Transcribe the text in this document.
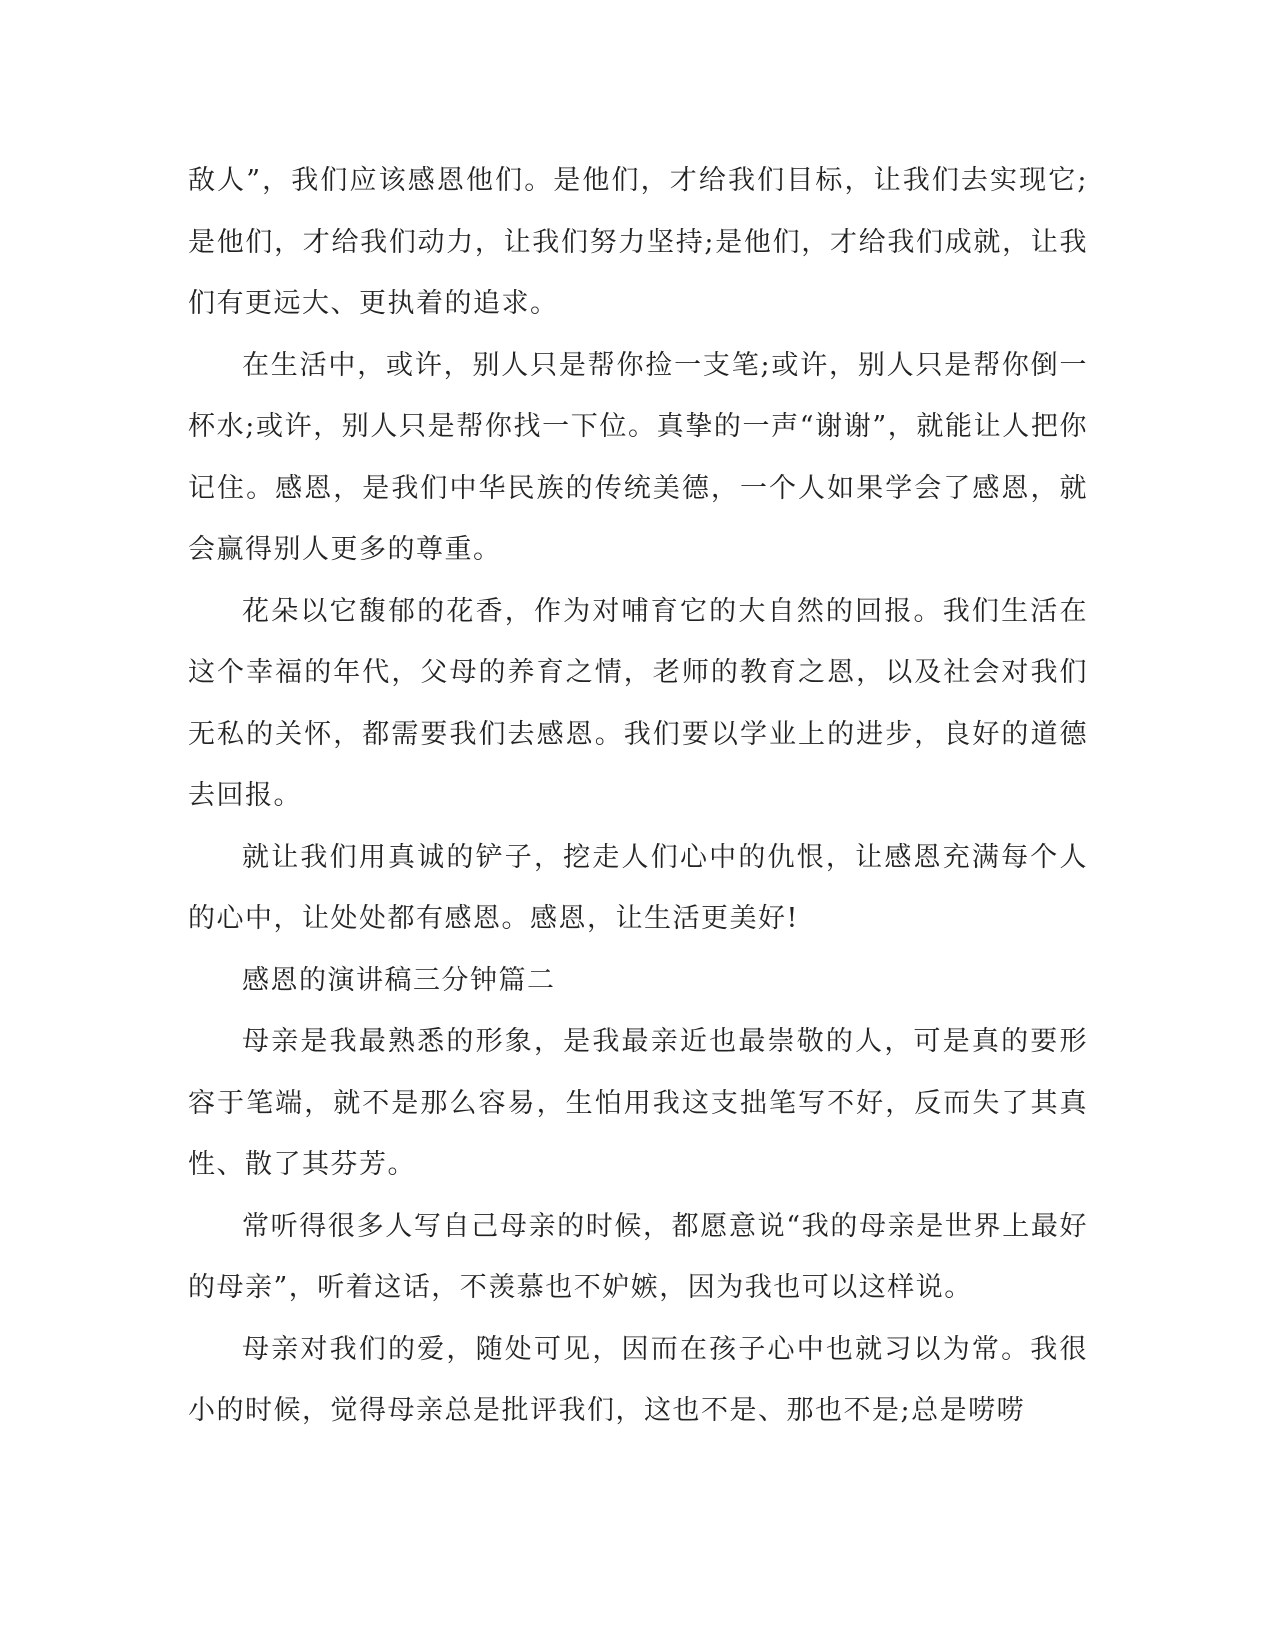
敌人”，我们应该感恩他们。是他们，才给我们目标，让我们去实现它;是他们，才给我们动力，让我们努力坚持;是他们，才给我们成就，让我们有更远大、更执着的追求。

在生活中，或许，别人只是帮你捡一支笔;或许，别人只是帮你倒一杯水;或许，别人只是帮你找一下位。真挚的一声“谢谢”，就能让人把你记住。感恩，是我们中华民族的传统美德，一个人如果学会了感恩，就会赢得别人更多的尊重。

花朵以它馥郁的花香，作为对哺育它的大自然的回报。我们生活在这个幸福的年代，父母的养育之情，老师的教育之恩，以及社会对我们无私的关怀，都需要我们去感恩。我们要以学业上的进步，良好的道德去回报。

就让我们用真诚的铲子，挖走人们心中的仇恨，让感恩充满每个人的心中，让处处都有感恩。感恩，让生活更美好!

感恩的演讲稿三分钟篇二

母亲是我最熟悉的形象，是我最亲近也最崇敬的人，可是真的要形容于笔端，就不是那么容易，生怕用我这支拙笔写不好，反而失了其真性、散了其芬芳。

常听得很多人写自己母亲的时候，都愿意说“我的母亲是世界上最好的母亲”，听着这话，不羡慕也不妒嫉，因为我也可以这样说。

母亲对我们的爱，随处可见，因而在孩子心中也就习以为常。我很小的时候，觉得母亲总是批评我们，这也不是、那也不是;总是唠唠
